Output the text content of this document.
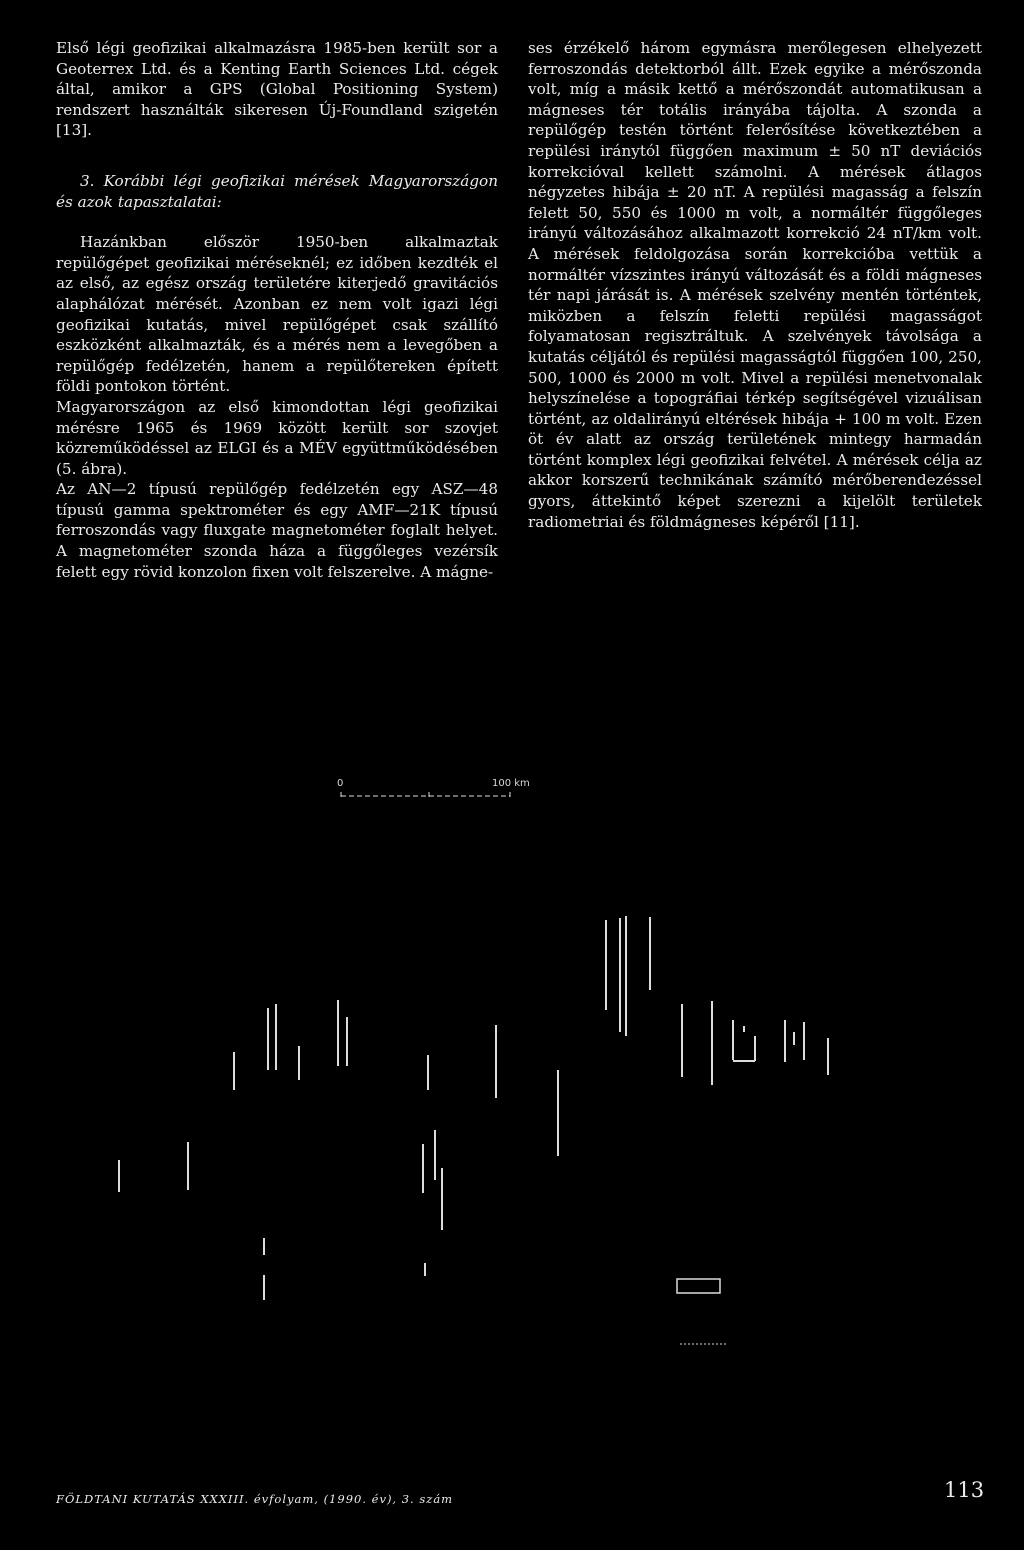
Első légi geofizikai alkalmazásra 1985-ben került sor a Geoterrex Ltd. és a Kenting Earth Sciences Ltd. cégek által, amikor a GPS (Global Positioning System) rendszert használták sikeresen Új-Foundland szigetén [13].

3. Korábbi légi geofizikai mérések Magyarországon és azok tapasztalatai:

Hazánkban először 1950-ben alkalmaztak repülőgépet geofizikai méréseknél; ez időben kezdték el az első, az egész ország területére kiterjedő gravitációs alaphálózat mérését. Azonban ez nem volt igazi légi geofizikai kutatás, mivel repülőgépet csak szállító eszközként alkalmazták, és a mérés nem a levegőben a repülőgép fedélzetén, hanem a repülőtereken épített földi pontokon történt.

Magyarországon az első kimondottan légi geofizikai mérésre 1965 és 1969 között került sor szovjet közreműködéssel az ELGI és a MÉV együttműködésében (5. ábra).

Az AN—2 típusú repülőgép fedélzetén egy ASZ—48 típusú gamma spektrométer és egy AMF—21K típusú ferroszondás vagy fluxgate magnetométer foglalt helyet. A magnetométer szonda háza a függőleges vezérsík felett egy rövid konzolon fixen volt felszerelve. A mágne-

ses érzékelő három egymásra merőlegesen elhelyezett ferroszondás detektorból állt. Ezek egyike a mérőszonda volt, míg a másik kettő a mérőszondát automatikusan a mágneses tér totális irányába tájolta. A szonda a repülőgép testén történt felerősítése következtében a repülési iránytól függően maximum ± 50 nT deviációs korrekcióval kellett számolni. A mérések átlagos négyzetes hibája ± 20 nT. A repülési magasság a felszín felett 50, 550 és 1000 m volt, a normáltér függőleges irányú változásához alkalmazott korrekció 24 nT/km volt. A mérések feldolgozása során korrekcióba vettük a normáltér vízszintes irányú változását és a földi mágneses tér napi járását is. A mérések szelvény mentén történtek, miközben a felszín feletti repülési magasságot folyamatosan regisztráltuk. A szelvények távolsága a kutatás céljától és repülési magasságtól függően 100, 250, 500, 1000 és 2000 m volt. Mivel a repülési menetvonalak helyszínelése a topográfiai térkép segítségével vizuálisan történt, az oldalirányú eltérések hibája + 100 m volt. Ezen öt év alatt az ország területének mintegy harmadán történt komplex légi geofizikai felvétel. A mérések célja az akkor korszerű technikának számító mérőberendezéssel gyors, áttekintő képet szerezni a kijelölt területek radiometriai és földmágneses képéről [11].

0	100 km
FÖLDTANI KUTATÁS XXXIII. évfolyam, (1990. év), 3. szám	113
